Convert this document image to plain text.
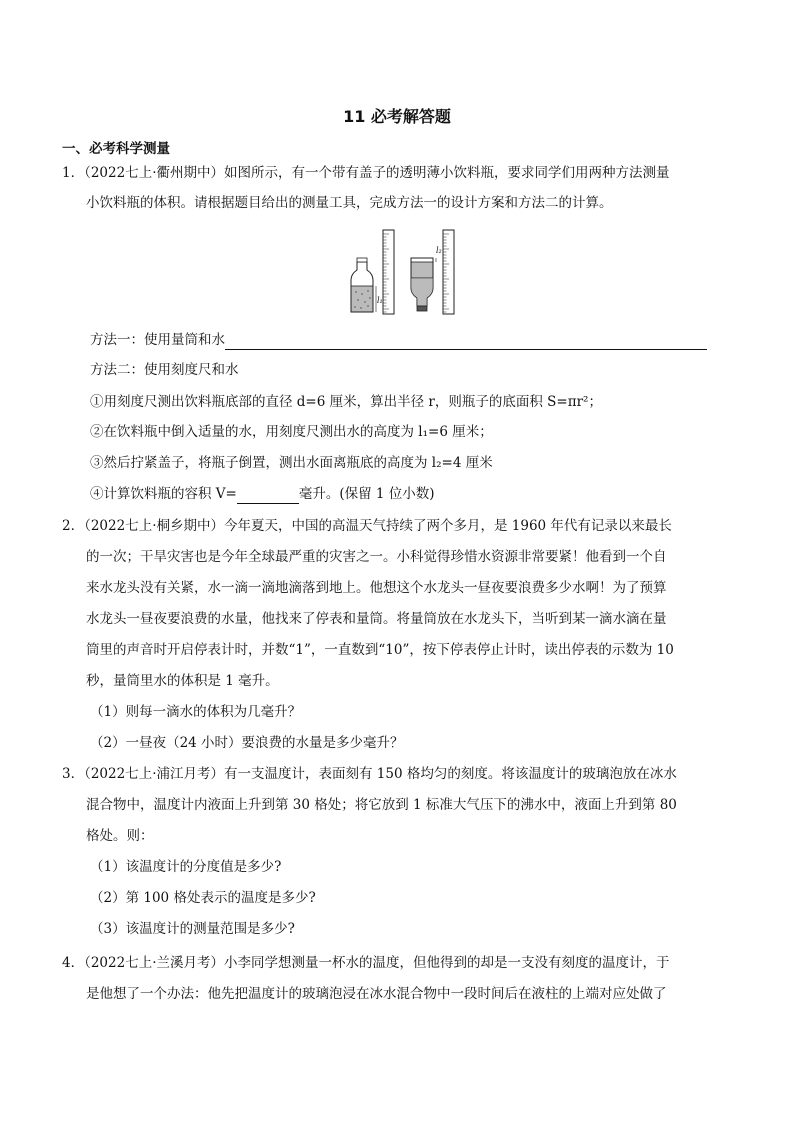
11 必考解答题
一、必考科学测量
1．（2022七上·衢州期中）如图所示，有一个带有盖子的透明薄小饮料瓶，要求同学们用两种方法测量
小饮料瓶的体积。请根据题目给出的测量工具，完成方法一的设计方案和方法二的计算。
l₁
l₂
方法一：使用量筒和水
方法二：使用刻度尺和水
①用刻度尺测出饮料瓶底部的直径 d=6 厘米，算出半径 r，则瓶子的底面积 S=πr²；
②在饮料瓶中倒入适量的水，用刻度尺测出水的高度为 l₁=6 厘米；
③然后拧紧盖子，将瓶子倒置，测出水面离瓶底的高度为 l₂=4 厘米
④计算饮料瓶的容积 V=	毫升。(保留 1 位小数)
2．（2022七上·桐乡期中）今年夏天，中国的高温天气持续了两个多月，是 1960 年代有记录以来最长
的一次；干旱灾害也是今年全球最严重的灾害之一。小科觉得珍惜水资源非常要紧！他看到一个自
来水龙头没有关紧，水一滴一滴地滴落到地上。他想这个水龙头一昼夜要浪费多少水啊！为了预算
水龙头一昼夜要浪费的水量，他找来了停表和量筒。将量筒放在水龙头下，当听到某一滴水滴在量
筒里的声音时开启停表计时，并数“1”，一直数到“10”，按下停表停止计时，读出停表的示数为 10
秒，量筒里水的体积是 1 毫升。
（1）则每一滴水的体积为几毫升？
（2）一昼夜（24 小时）要浪费的水量是多少毫升？
3．（2022七上·浦江月考）有一支温度计，表面刻有 150 格均匀的刻度。将该温度计的玻璃泡放在冰水
混合物中，温度计内液面上升到第 30 格处；将它放到 1 标准大气压下的沸水中，液面上升到第 80
格处。则：
（1）该温度计的分度值是多少?
（2）第 100 格处表示的温度是多少?
（3）该温度计的测量范围是多少?
4．（2022七上·兰溪月考）小李同学想测量一杯水的温度，但他得到的却是一支没有刻度的温度计，于
是他想了一个办法：他先把温度计的玻璃泡浸在冰水混合物中一段时间后在液柱的上端对应处做了
